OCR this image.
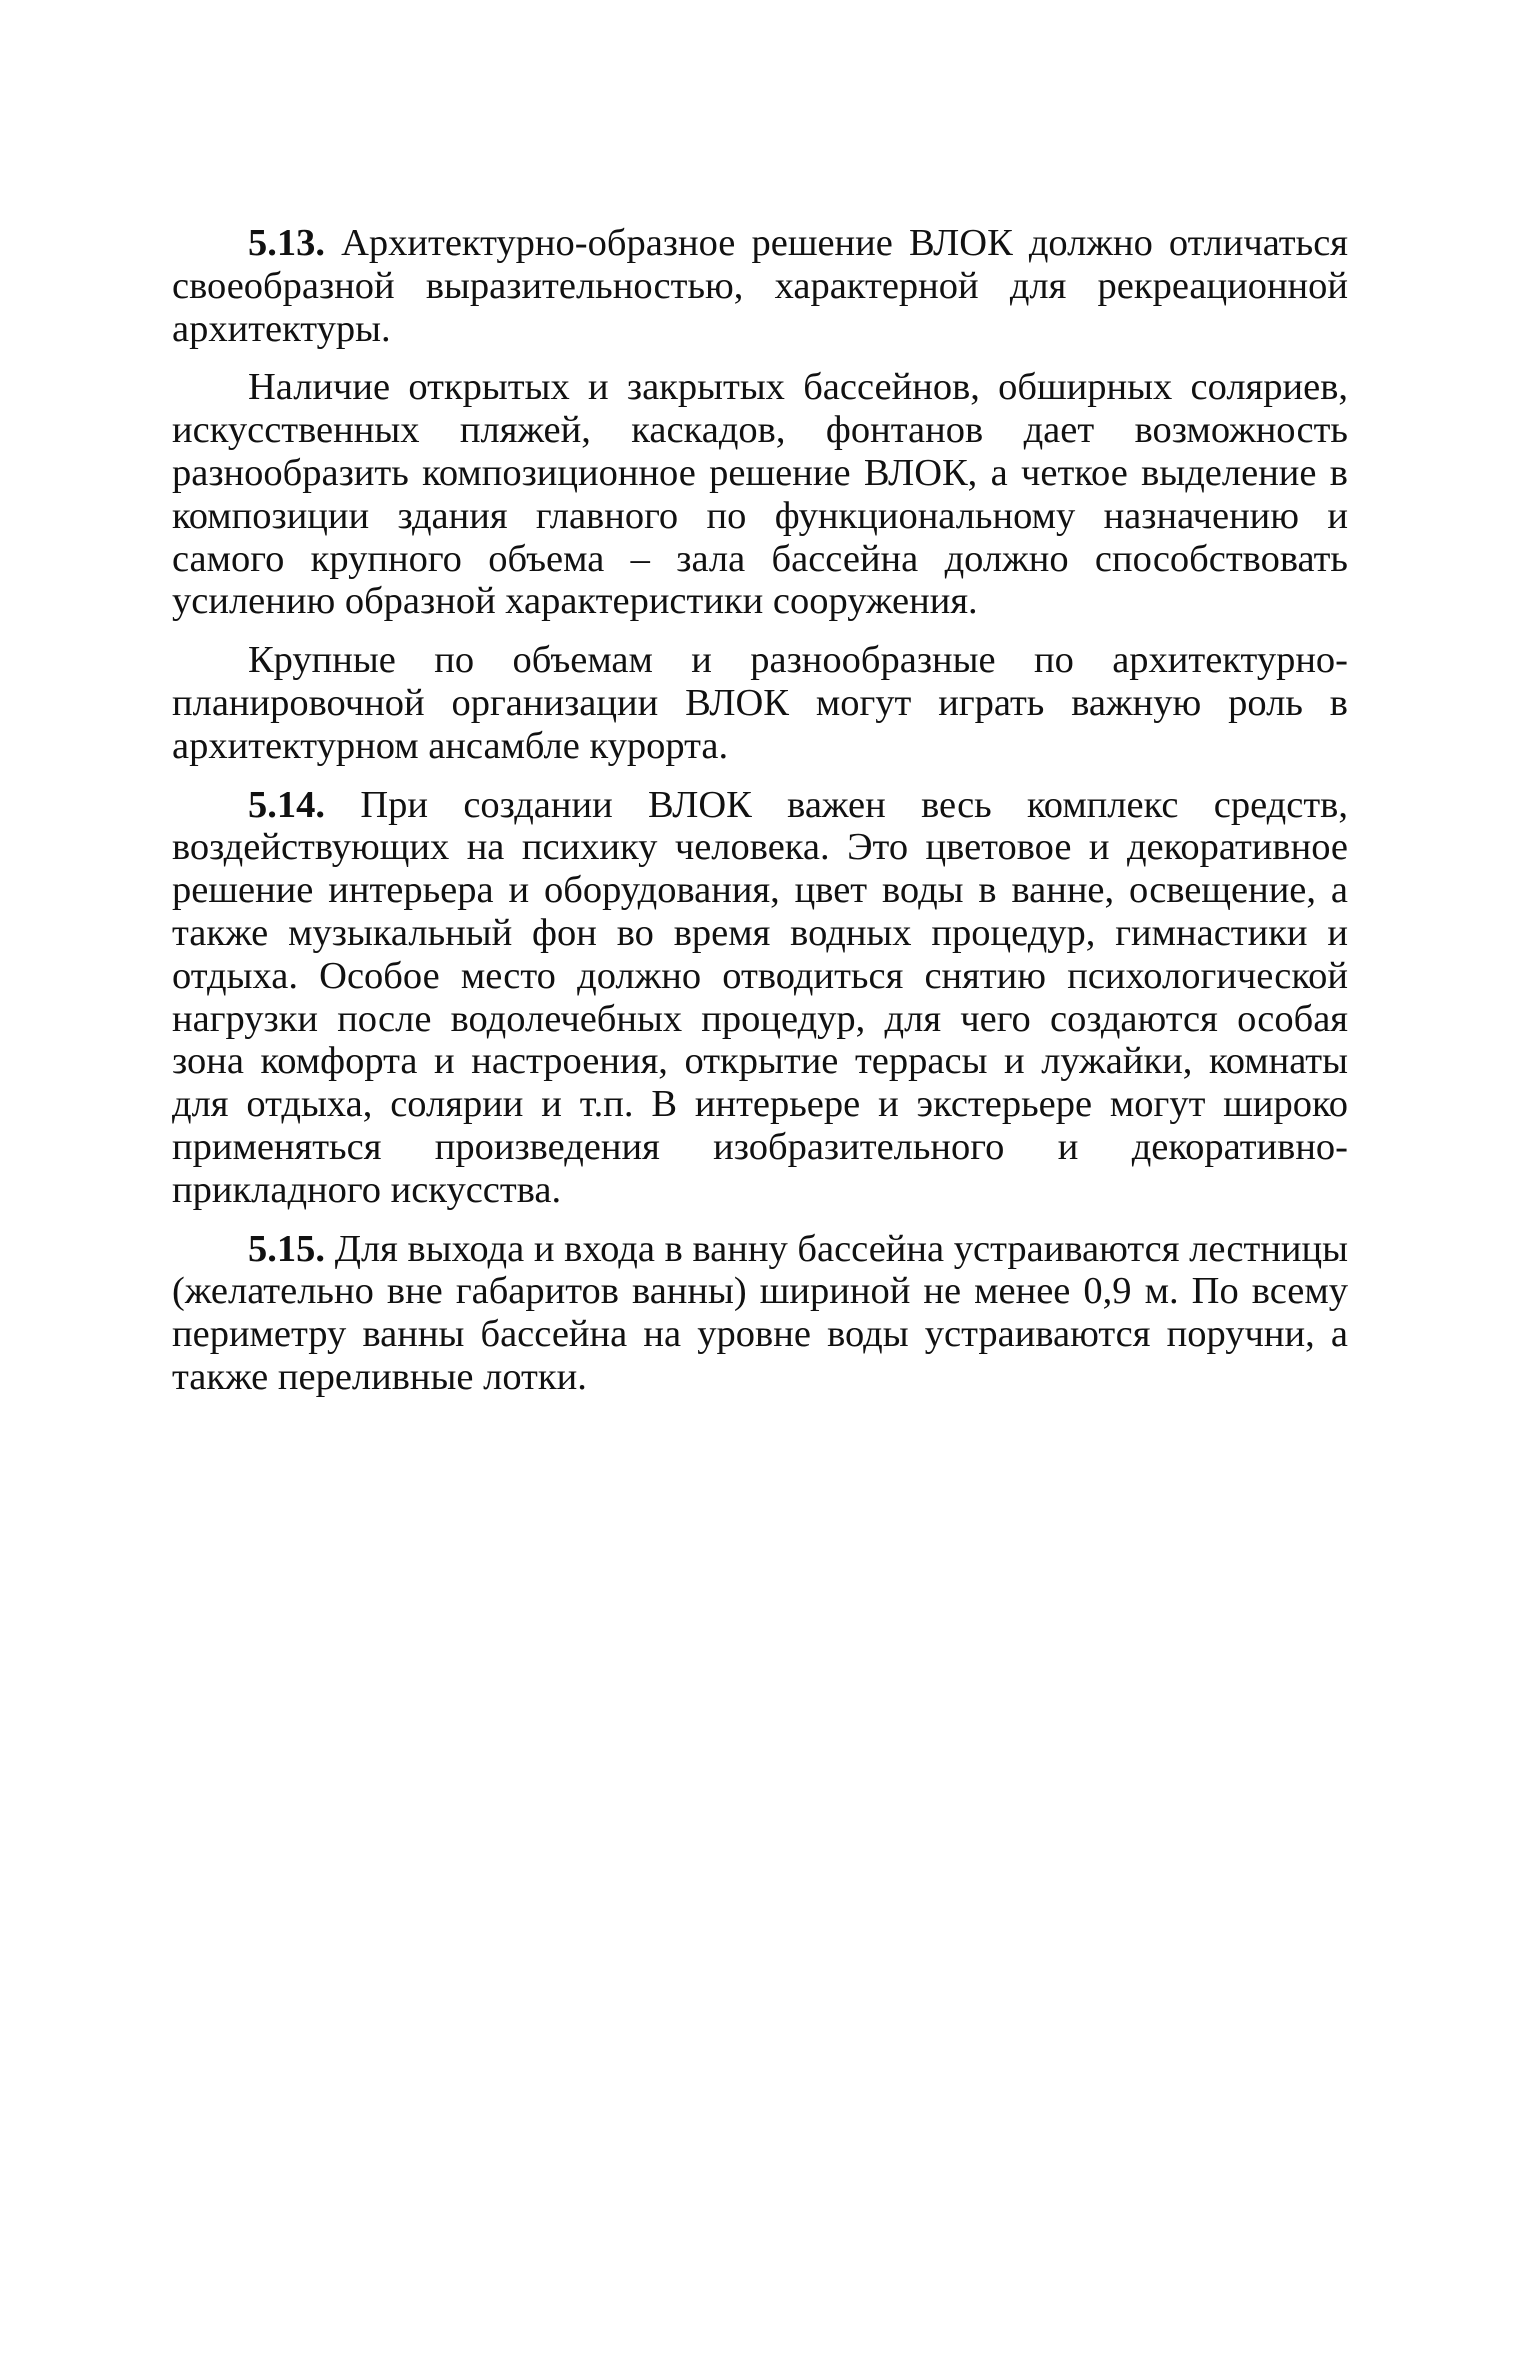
5.13. Архитектурно-образное решение ВЛОК должно отличаться своеобразной выразительностью, характерной для рекреационной архитектуры.

Наличие открытых и закрытых бассейнов, обширных соляриев, искусственных пляжей, каскадов, фонтанов дает возможность разнообразить композиционное решение ВЛОК, а четкое выделение в композиции здания главного по функциональному назначению и самого крупного объема – зала бассейна должно способствовать усилению образной характеристики сооружения.

Крупные по объемам и разнообразные по архитектурно-планировочной организации ВЛОК могут играть важную роль в архитектурном ансамбле курорта.

5.14. При создании ВЛОК важен весь комплекс средств, воздействующих на психику человека. Это цветовое и декоративное решение интерьера и оборудования, цвет воды в ванне, освещение, а также музыкальный фон во время водных процедур, гимнастики и отдыха. Особое место должно отводиться снятию психологической нагрузки после водолечебных процедур, для чего создаются особая зона комфорта и настроения, открытие террасы и лужайки, комнаты для отдыха, солярии и т.п. В интерьере и экстерьере могут широко применяться произведения изобразительного и декоративно-прикладного искусства.

5.15. Для выхода и входа в ванну бассейна устраиваются лестницы (желательно вне габаритов ванны) шириной не менее 0,9 м. По всему периметру ванны бассейна на уровне воды устраиваются поручни, а также переливные лотки.
